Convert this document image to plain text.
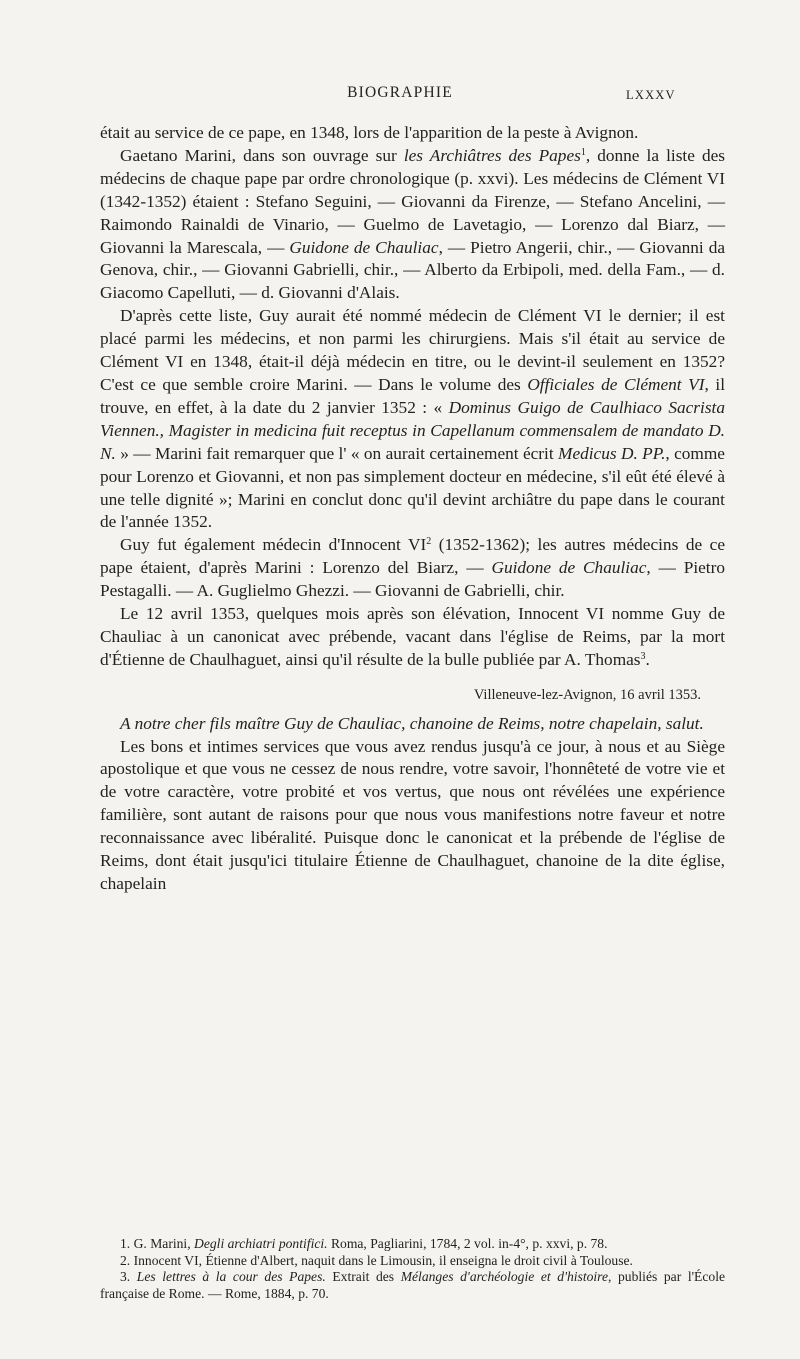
BIOGRAPHIE	LXXXV

était au service de ce pape, en 1348, lors de l'apparition de la peste à Avignon.

Gaetano Marini, dans son ouvrage sur les Archiâtres des Papes$^1$, donne la liste des médecins de chaque pape par ordre chronologique (p. xxvi). Les médecins de Clément VI (1342-1352) étaient : Stefano Seguini, — Giovanni da Firenze, — Stefano Ancelini, — Raimondo Rainaldi de Vinario, — Guelmo de Lavetagio, — Lorenzo dal Biarz, — Giovanni la Marescala, — Guidone de Chauliac, — Pietro Angerii, chir., — Giovanni da Genova, chir., — Giovanni Gabrielli, chir., — Alberto da Erbipoli, med. della Fam., — d. Giacomo Capelluti, — d. Giovanni d'Alais.

D'après cette liste, Guy aurait été nommé médecin de Clément VI le dernier; il est placé parmi les médecins, et non parmi les chirurgiens. Mais s'il était au service de Clément VI en 1348, était-il déjà médecin en titre, ou le devint-il seulement en 1352? C'est ce que semble croire Marini. — Dans le volume des Officiales de Clément VI, il trouve, en effet, à la date du 2 janvier 1352 : « Dominus Guigo de Caulhiaco Sacrista Viennen., Magister in medicina fuit receptus in Capellanum commensalem de mandato D. N. » — Marini fait remarquer que l' « on aurait certainement écrit Medicus D. PP., comme pour Lorenzo et Giovanni, et non pas simplement docteur en médecine, s'il eût été élevé à une telle dignité »; Marini en conclut donc qu'il devint archiâtre du pape dans le courant de l'année 1352.

Guy fut également médecin d'Innocent $VI^2$ (1352-1362); les autres médecins de ce pape étaient, d'après Marini : Lorenzo del Biarz, — Guidone de Chauliac, — Pietro Pestagalli. — A. Guglielmo Ghezzi. — Giovanni de Gabrielli, chir.

Le 12 avril 1353, quelques mois après son élévation, Innocent VI nomme Guy de Chauliac à un canonicat avec prébende, vacant dans l'église de Reims, par la mort d'Étienne de Chaulhaguet, ainsi qu'il résulte de la bulle publiée par A. Thomas$^3$.

Villeneuve-lez-Avignon, 16 avril 1353.

A notre cher fils maître Guy de Chauliac, chanoine de Reims, notre chapelain, salut.

Les bons et intimes services que vous avez rendus jusqu'à ce jour, à nous et au Siège apostolique et que vous ne cessez de nous rendre, votre savoir, l'honnêteté de votre vie et de votre caractère, votre probité et vos vertus, que nous ont révélées une expérience familière, sont autant de raisons pour que nous vous manifestions notre faveur et notre reconnaissance avec libéralité. Puisque donc le canonicat et la prébende de l'église de Reims, dont était jusqu'ici titulaire Étienne de Chaulhaguet, chanoine de la dite église, chapelain

1. G. Marini, Degli archiatri pontifici. Roma, Pagliarini, 1784, 2 vol. in-4°, p. xxvi, p. 78.

2. Innocent VI, Étienne d'Albert, naquit dans le Limousin, il enseigna le droit civil à Toulouse.

3. Les lettres à la cour des Papes. Extrait des Mélanges d'archéologie et d'histoire, publiés par l'École française de Rome. — Rome, 1884, p. 70.
